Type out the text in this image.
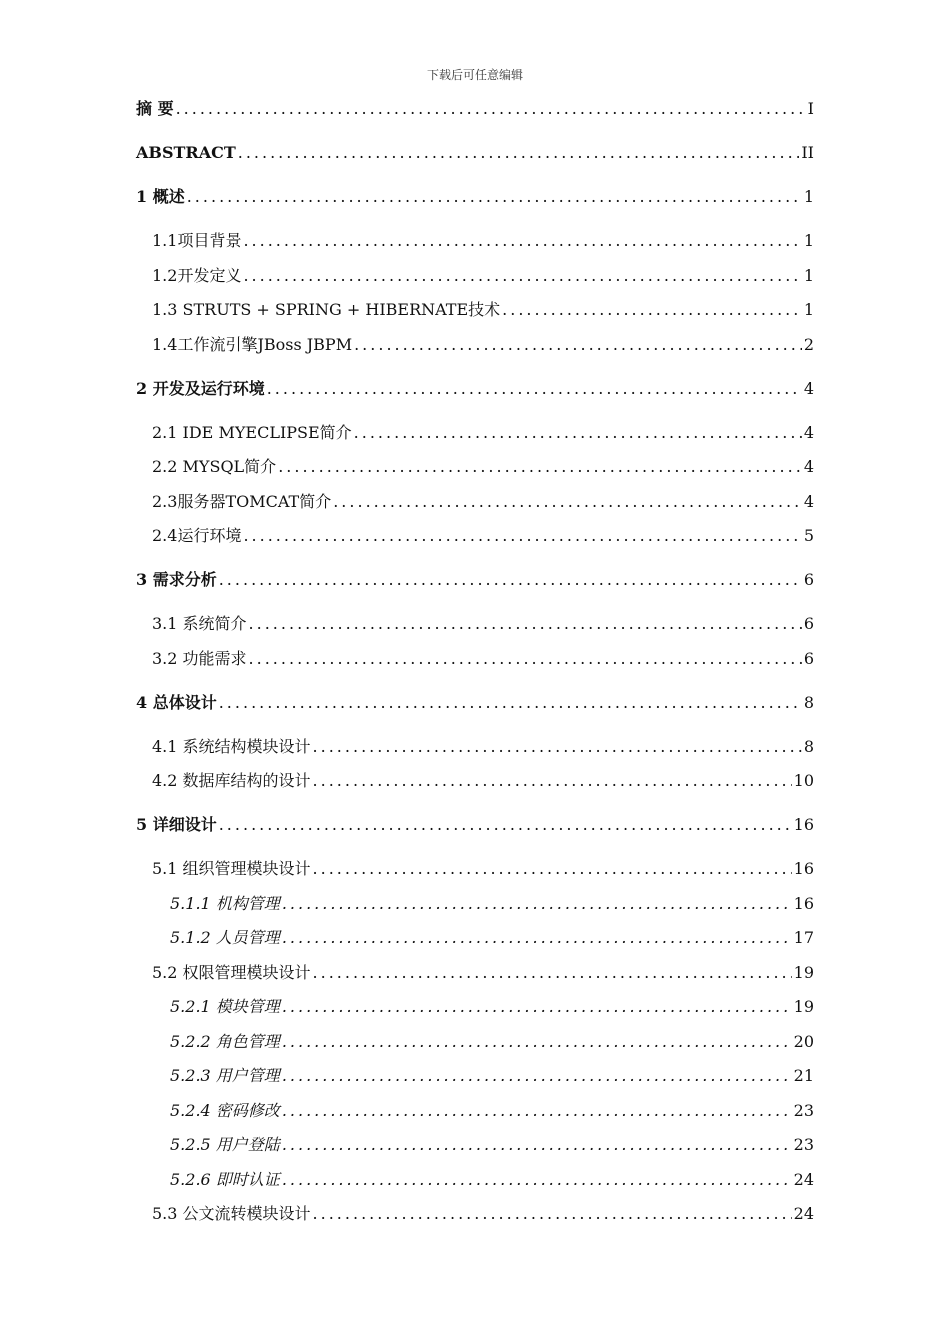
下载后可任意编辑
摘 要 .....	I
ABSTRACT .....	II
1 概述 .....	1
1.1项目背景 .....	1
1.2开发定义 .....	1
1.3 STRUTS + SPRING + HIBERNATE技术 .....	1
1.4工作流引擎JBoss JBPM .....	2
2 开发及运行环境 .....	4
2.1 IDE MYECLIPSE简介 .....	4
2.2 MYSQL简介 .....	4
2.3服务器TOMCAT简介 .....	4
2.4运行环境 .....	5
3 需求分析 .....	6
3.1 系统简介 .....	6
3.2 功能需求 .....	6
4 总体设计 .....	8
4.1 系统结构模块设计 .....	8
4.2 数据库结构的设计 .....	10
5 详细设计 .....	16
5.1 组织管理模块设计 .....	16
5.1.1 机构管理 .....	16
5.1.2 人员管理 .....	17
5.2 权限管理模块设计 .....	19
5.2.1 模块管理 .....	19
5.2.2 角色管理 .....	20
5.2.3 用户管理 .....	21
5.2.4 密码修改 .....	23
5.2.5 用户登陆 .....	23
5.2.6 即时认证 .....	24
5.3 公文流转模块设计 .....	24
